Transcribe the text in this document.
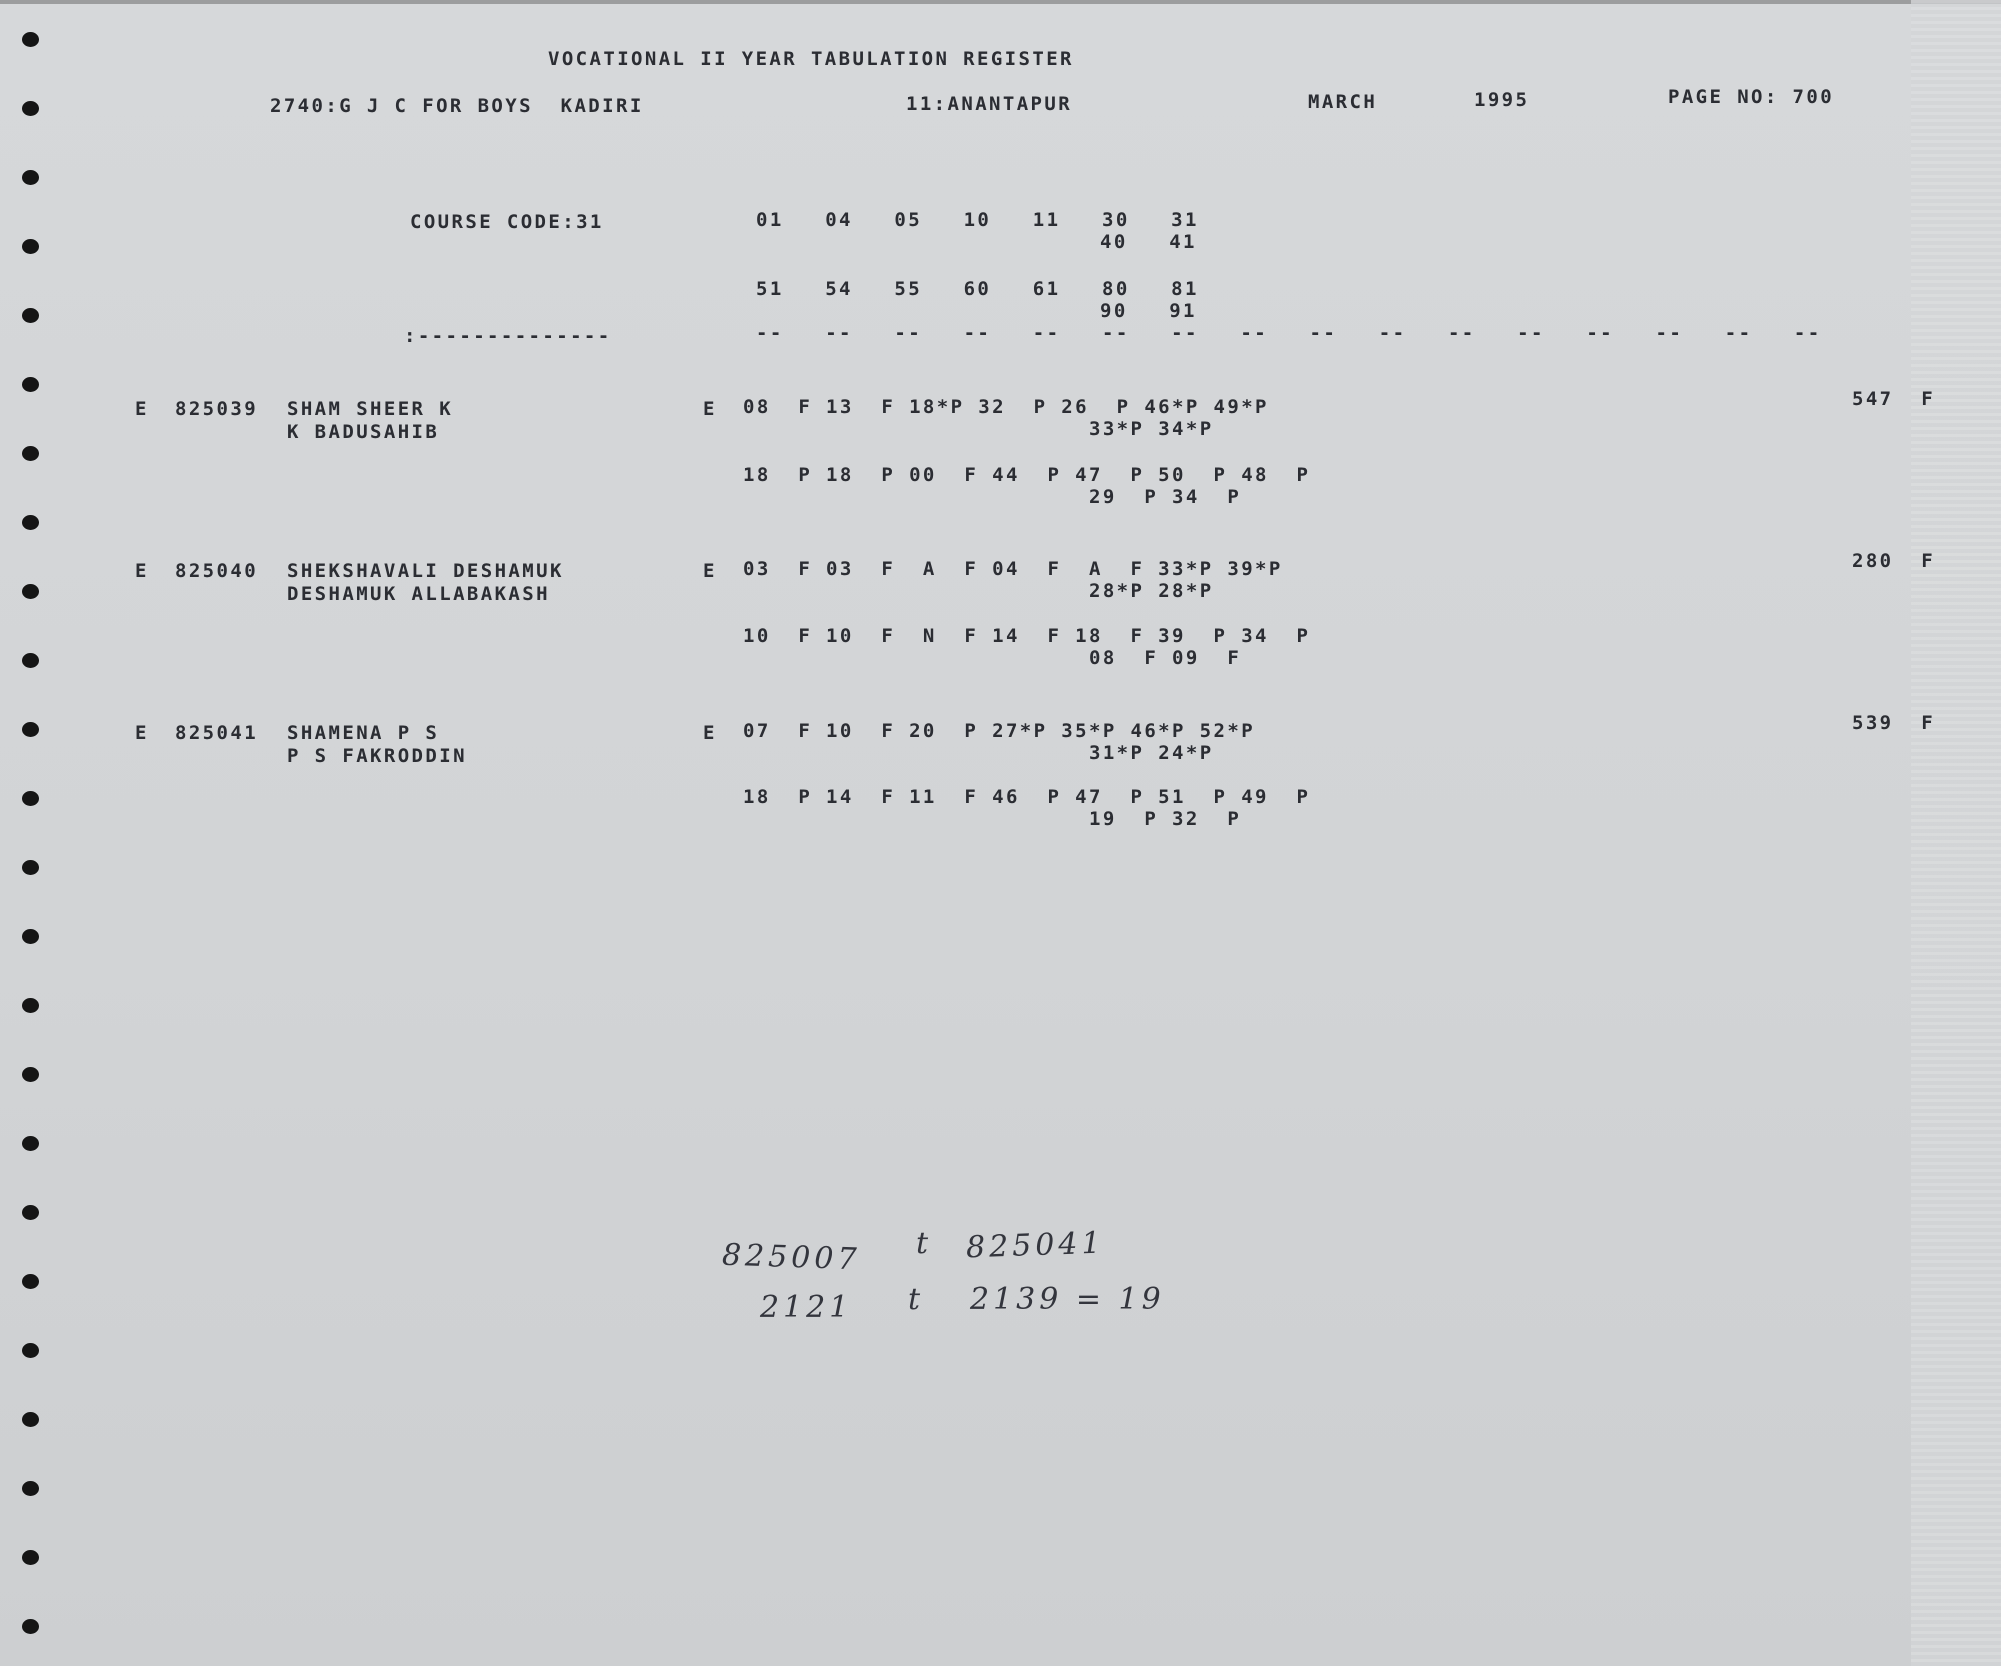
VOCATIONAL II YEAR TABULATION REGISTER
2740:G J C FOR BOYS  KADIRI	11:ANANTAPUR	MARCH	1995	PAGE NO: 700
COURSE CODE:31	01   04   05   10   11   30   31
40   41
51   54   55   60   61   80   81
90   91
:--------------	--   --   --   --   --   --   --   --   --   --   --   --   --   --   --   --
E 825039 SHAM SHEER K
K BADUSAHIB
E 08  F 13  F 18*P 32  P 26  P 46*P 49*P
33*P 34*P
18  P 18  P 00  F 44  P 47  P 50  P 48  P
29  P 34  P
547  F
E 825040 SHEKSHAVALI DESHAMUK
DESHAMUK ALLABAKASH
E 03  F 03  F  A  F 04  F  A  F 33*P 39*P
28*P 28*P
10  F 10  F  N  F 14  F 18  F 39  P 34  P
08  F 09  F
280  F
E 825041 SHAMENA P S
P S FAKRODDIN
E 07  F 10  F 20  P 27*P 35*P 46*P 52*P
31*P 24*P
18  P 14  F 11  F 46  P 47  P 51  P 49  P
19  P 32  P
539  F
825007 t 825041
2121 t 2139 = 19
